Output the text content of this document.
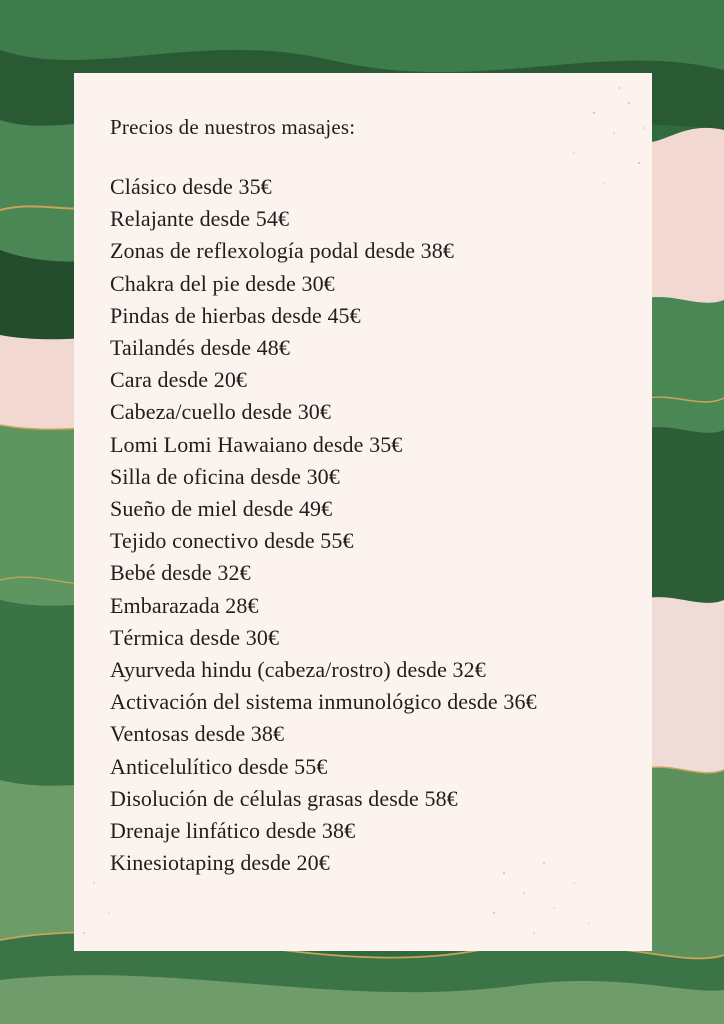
Precios de nuestros masajes:
Clásico desde 35€
Relajante desde 54€
Zonas de reflexología podal desde 38€
Chakra del pie desde 30€
Pindas de hierbas desde 45€
Tailandés desde 48€
Cara desde 20€
Cabeza/cuello desde 30€
Lomi Lomi Hawaiano desde 35€
Silla de oficina desde 30€
Sueño de miel desde 49€
Tejido conectivo desde 55€
Bebé desde 32€
Embarazada 28€
Térmica desde 30€
Ayurveda hindu (cabeza/rostro) desde 32€
Activación del sistema inmunológico desde 36€
Ventosas desde 38€
Anticelulítico desde 55€
Disolución de células grasas desde 58€
Drenaje linfático desde 38€
Kinesiotaping desde 20€
